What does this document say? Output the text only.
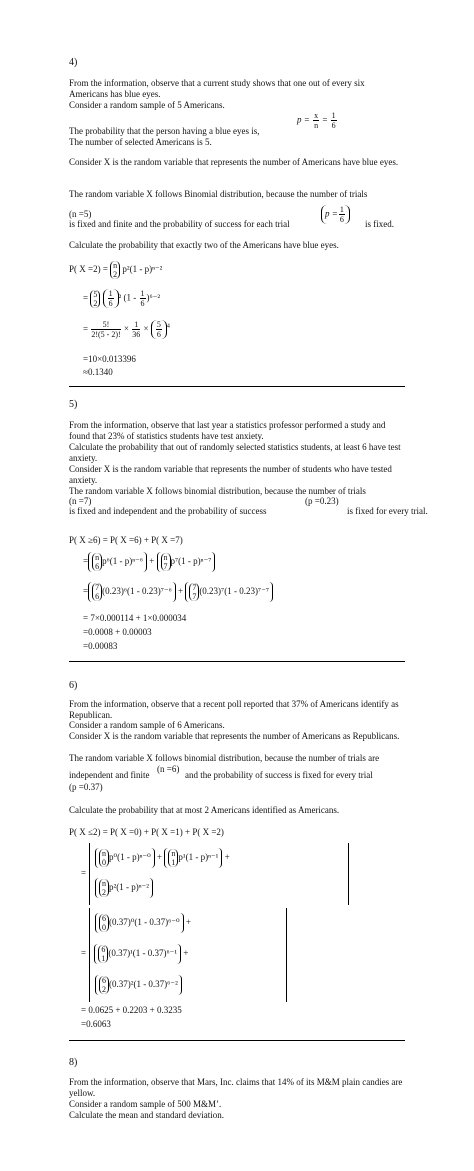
4)

From the information, observe that a current study shows that one out of every six Americans has blue eyes.

Consider a random sample of 5 Americans.

$p = \frac{x}{n} = \frac{1}{6}$

The probability that the person having a blue eyes is,

The number of selected Americans is 5.

Consider X is the random variable that represents the number of Americans have blue eyes.

The random variable X follows Binomial distribution, because the number of trials

(n =5)
is fixed and finite and the probability of success for each trial
$p = \frac{1}{6}$ is fixed.

Calculate the probability that exactly two of the Americans have blue eyes.

P( X =2) = n
2
p²(1 - p)ⁿ⁻²
= 5
2
$\frac{1}{6} ^2$ $(1 - \frac{1}{6} )^{6-2}$
= $\frac{5!}{2!(5 - 2)!} \times \frac{1}{36} \times \frac{5}{6} ^4$
=10×0.013396
≈0.1340
5)

From the information, observe that last year a statistics professor performed a study and found that 23% of statistics students have test anxiety.

Calculate the probability that out of randomly selected statistics students, at least 6 have test anxiety.

Consider X is the random variable that represents the number of students who have tested anxiety.

The random variable X follows binomial distribution, because the number of trials

(n =7)
is fixed and independent and the probability of success
(p =0.23)
is fixed for every trial.
P( X ≥6) = P( X =6) + P( X =7)
= n
6
p⁶(1 - p)ⁿ⁻⁶ + n
7
p⁷(1 - p)ⁿ⁻⁷
= 7
6
(0.23)⁶(1 - 0.23)⁷⁻⁶ + 7
7
(0.23)⁷(1 - 0.23)⁷⁻⁷
= 7×0.000114 + 1×0.000034
=0.0008 + 0.00003
=0.00083
6)

From the information, observe that a recent poll reported that 37% of Americans identify as Republican.

Consider a random sample of 6 Americans.

Consider X is the random variable that represents the number of Americans as Republicans.

The random variable X follows binomial distribution, because the number of trials are

independent and finite
(n =6)
and the probability of success is fixed for every trial
(p =0.37)

Calculate the probability that at most 2 Americans identified as Americans.

P( X ≤2) = P( X =0) + P( X =1) + P( X =2)
n
0
p⁰(1 - p)ⁿ⁻⁰ + n
1
p¹(1 - p)ⁿ⁻¹ +
=
n
2
p²(1 - p)ⁿ⁻²
6
0
(0.37)⁰(1 - 0.37)⁶⁻⁰ +
= 6
1
(0.37)¹(1 - 0.37)⁶⁻¹ +
6
2
(0.37)²(1 - 0.37)⁶⁻²
= 0.0625 + 0.2203 + 0.3235
=0.6063
8)

From the information, observe that Mars, Inc. claims that 14% of its M&M plain candies are yellow.

Consider a random sample of 500 M&M’.

Calculate the mean and standard deviation.
